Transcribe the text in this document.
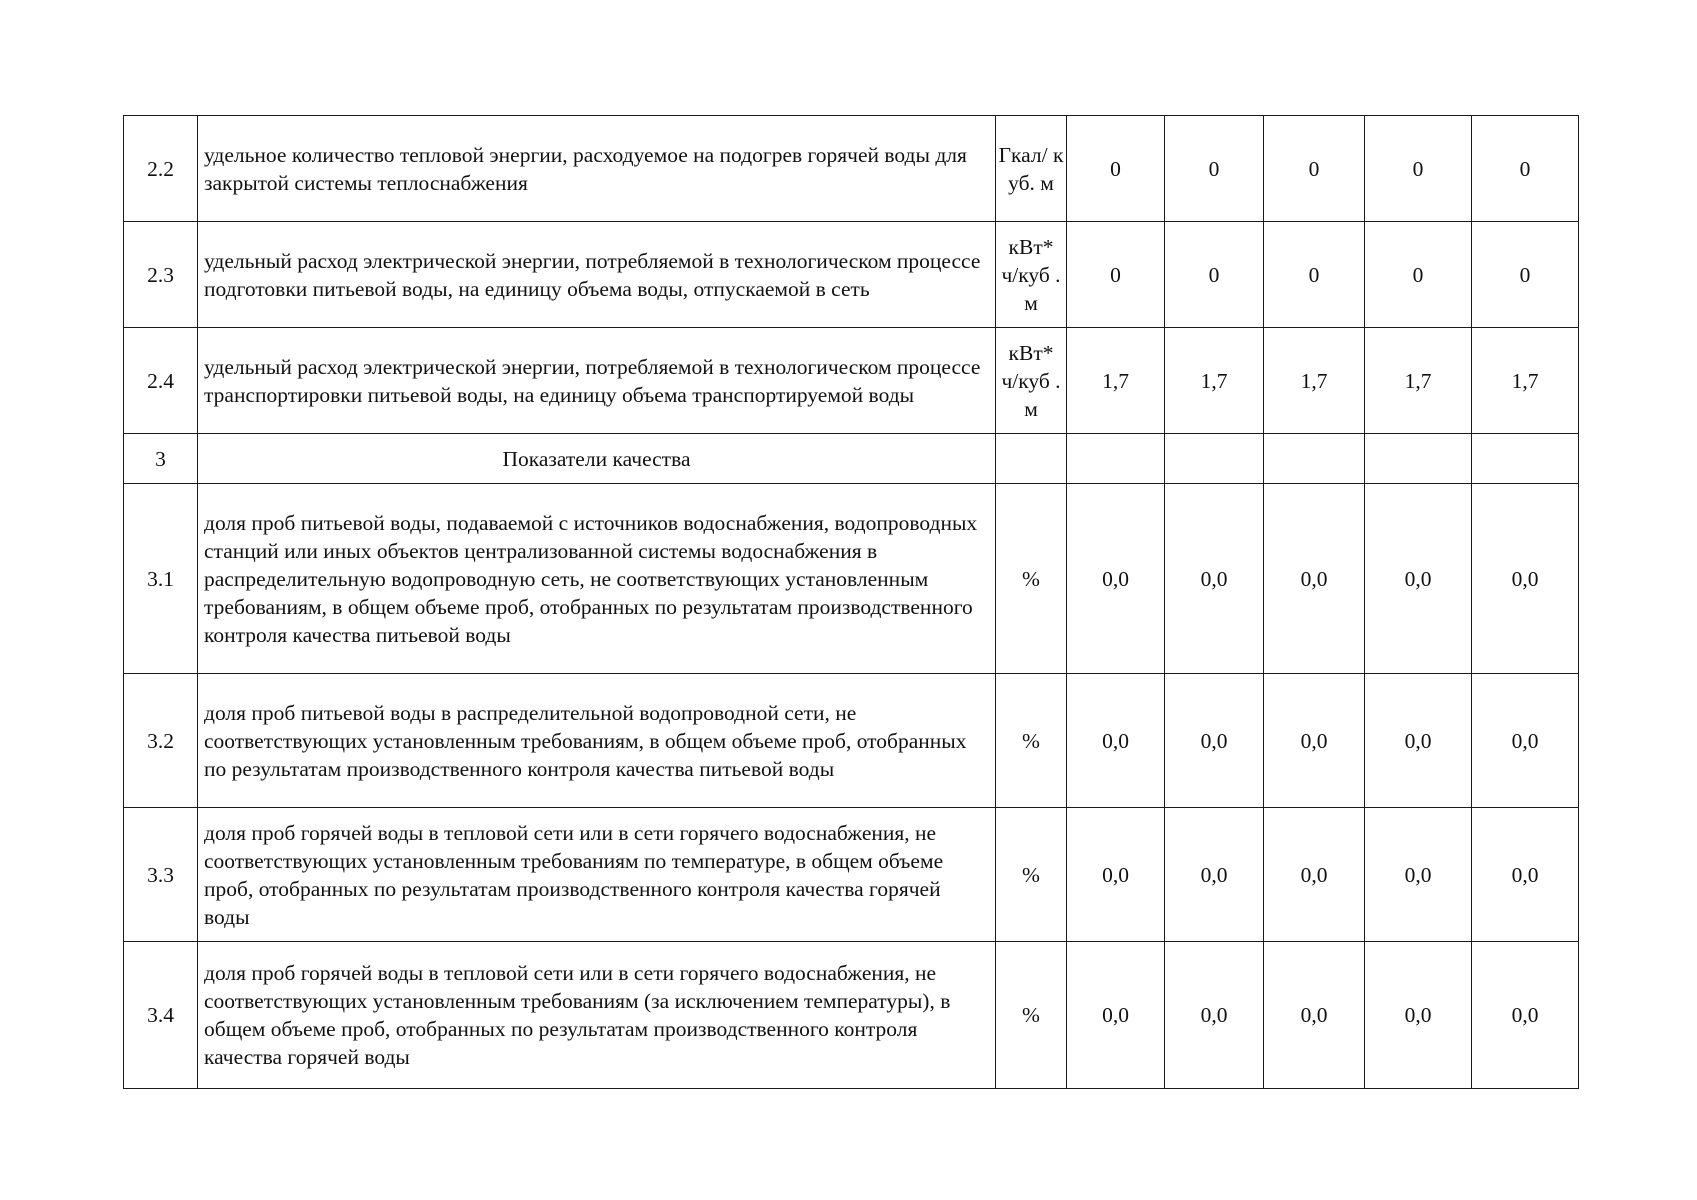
2.2	удельное количество тепловой энергии, расходуемое на подогрев горячей воды для закрытой системы теплоснабжения	Гкал/ куб. м	0	0	0	0	0
2.3	удельный расход электрической энергии, потребляемой в технологическом процессе подготовки питьевой воды, на единицу объема воды, отпускаемой в сеть	кВт* ч/куб . м	0	0	0	0	0
2.4	удельный расход электрической энергии, потребляемой в технологическом процессе транспортировки питьевой воды, на единицу объема транспортируемой воды	кВт* ч/куб . м	1,7	1,7	1,7	1,7	1,7
3	Показатели качества						
3.1	доля проб питьевой воды, подаваемой с источников водоснабжения, водопроводных станций или иных объектов централизованной системы водоснабжения в распределительную водопроводную сеть, не соответствующих установленным требованиям, в общем объеме проб, отобранных по результатам производственного контроля качества питьевой воды	%	0,0	0,0	0,0	0,0	0,0
3.2	доля проб питьевой воды в распределительной водопроводной сети, не соответствующих установленным требованиям, в общем объеме проб, отобранных по результатам производственного контроля качества питьевой воды	%	0,0	0,0	0,0	0,0	0,0
3.3	доля проб горячей воды в тепловой сети или в сети горячего водоснабжения, не соответствующих установленным требованиям по температуре, в общем объеме проб, отобранных по результатам производственного контроля качества горячей воды	%	0,0	0,0	0,0	0,0	0,0
3.4	доля проб горячей воды в тепловой сети или в сети горячего водоснабжения, не соответствующих установленным требованиям (за исключением температуры), в общем объеме проб, отобранных по результатам производственного контроля качества горячей воды	%	0,0	0,0	0,0	0,0	0,0
